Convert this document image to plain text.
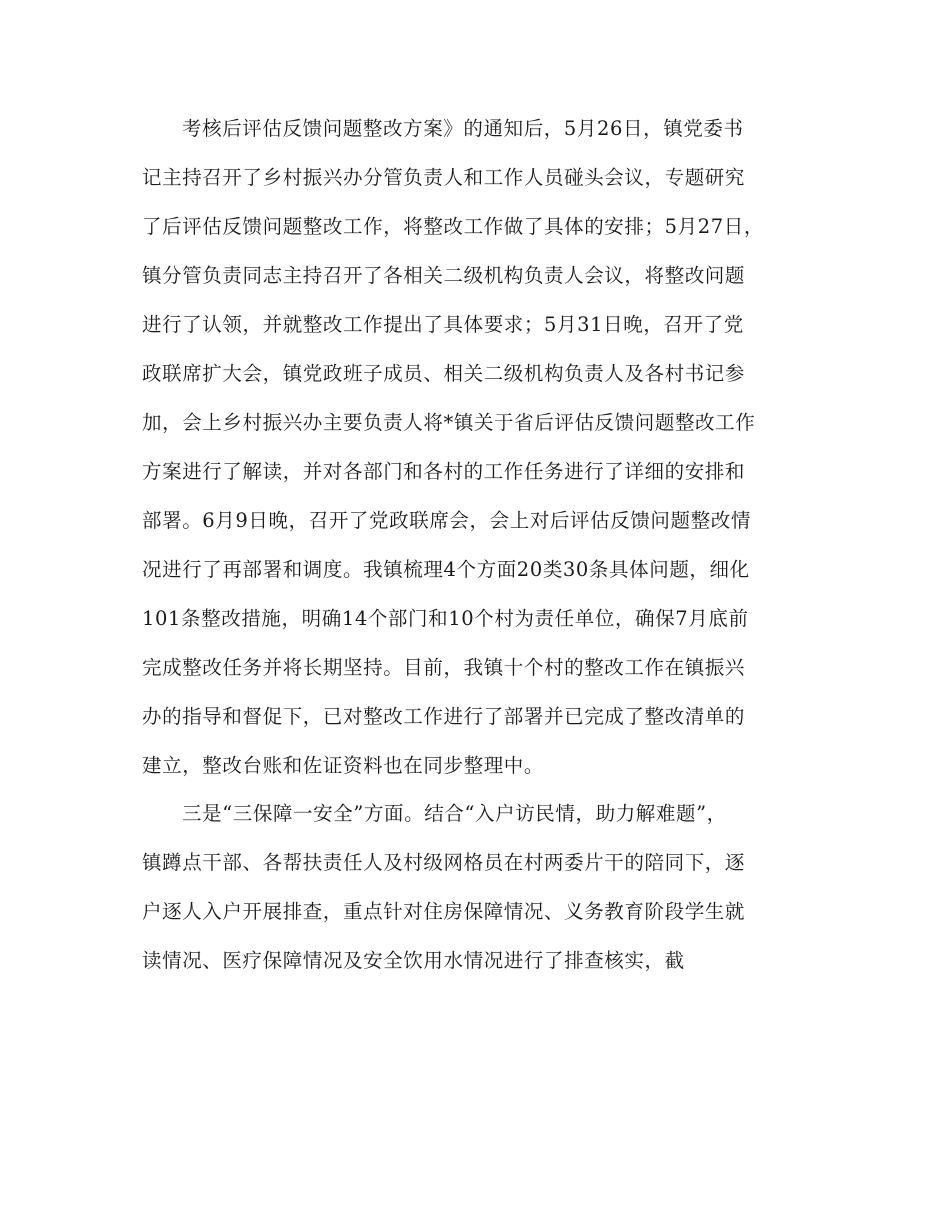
考核后评估反馈问题整改方案》的通知后，5月26日，镇党委书
记主持召开了乡村振兴办分管负责人和工作人员碰头会议，专题研究
了后评估反馈问题整改工作，将整改工作做了具体的安排；5月27日，
镇分管负责同志主持召开了各相关二级机构负责人会议，将整改问题
进行了认领，并就整改工作提出了具体要求；5月31日晚，召开了党
政联席扩大会，镇党政班子成员、相关二级机构负责人及各村书记参
加，会上乡村振兴办主要负责人将*镇关于省后评估反馈问题整改工作
方案进行了解读，并对各部门和各村的工作任务进行了详细的安排和
部署。6月9日晚，召开了党政联席会，会上对后评估反馈问题整改情
况进行了再部署和调度。我镇梳理4个方面20类30条具体问题，细化
101条整改措施，明确14个部门和10个村为责任单位，确保7月底前
完成整改任务并将长期坚持。目前，我镇十个村的整改工作在镇振兴
办的指导和督促下，已对整改工作进行了部署并已完成了整改清单的
建立，整改台账和佐证资料也在同步整理中。
三是“三保障一安全”方面。结合“入户访民情，助力解难题”，
镇蹲点干部、各帮扶责任人及村级网格员在村两委片干的陪同下，逐
户逐人入户开展排查，重点针对住房保障情况、义务教育阶段学生就
读情况、医疗保障情况及安全饮用水情况进行了排查核实，截
